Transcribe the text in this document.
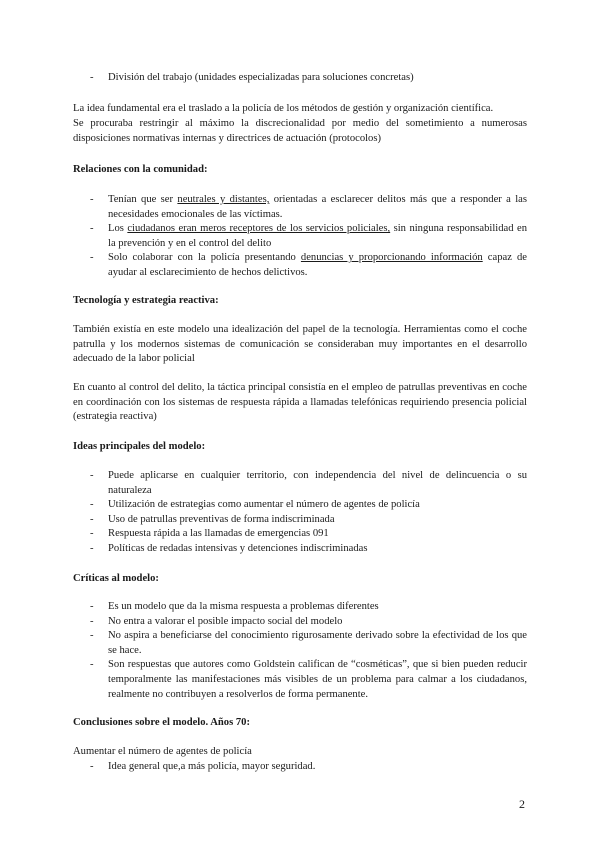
- División del trabajo (unidades especializadas para soluciones concretas)
La idea fundamental era el traslado a la policía de los métodos de gestión y organización científica.
Se procuraba restringir al máximo la discrecionalidad por medio del sometimiento a numerosas disposiciones normativas internas y directrices de actuación (protocolos)
Relaciones con la comunidad:
- Tenían que ser neutrales y distantes, orientadas a esclarecer delitos más que a responder a las necesidades emocionales de las víctimas.
- Los ciudadanos eran meros receptores de los servicios policiales, sin ninguna responsabilidad en la prevención y en el control del delito
- Solo colaborar con la policía presentando denuncias y proporcionando información capaz de ayudar al esclarecimiento de hechos delictivos.
Tecnología y estrategia reactiva:
También existía en este modelo una idealización del papel de la tecnología. Herramientas como el coche patrulla y los modernos sistemas de comunicación se consideraban muy importantes en el desarrollo adecuado de la labor policial
En cuanto al control del delito, la táctica principal consistía en el empleo de patrullas preventivas en coche en coordinación con los sistemas de respuesta rápida a llamadas telefónicas requiriendo presencia policial (estrategia reactiva)
Ideas principales del modelo:
- Puede aplicarse en cualquier territorio, con independencia del nivel de delincuencia o su naturaleza
- Utilización de estrategias como aumentar el número de agentes de policía
- Uso de patrullas preventivas de forma indiscriminada
- Respuesta rápida a las llamadas de emergencias 091
- Políticas de redadas intensivas y detenciones indiscriminadas
Críticas al modelo:
- Es un modelo que da la misma respuesta a problemas diferentes
- No entra a valorar el posible impacto social del modelo
- No aspira a beneficiarse del conocimiento rigurosamente derivado sobre la efectividad de los que se hace.
- Son respuestas que autores como Goldstein califican de “cosméticas”, que si bien pueden reducir temporalmente las manifestaciones más visibles de un problema para calmar a los ciudadanos, realmente no contribuyen a resolverlos de forma permanente.
Conclusiones sobre el modelo. Años 70:
Aumentar el número de agentes de policía
- Idea general que,a más policía, mayor seguridad.
2
